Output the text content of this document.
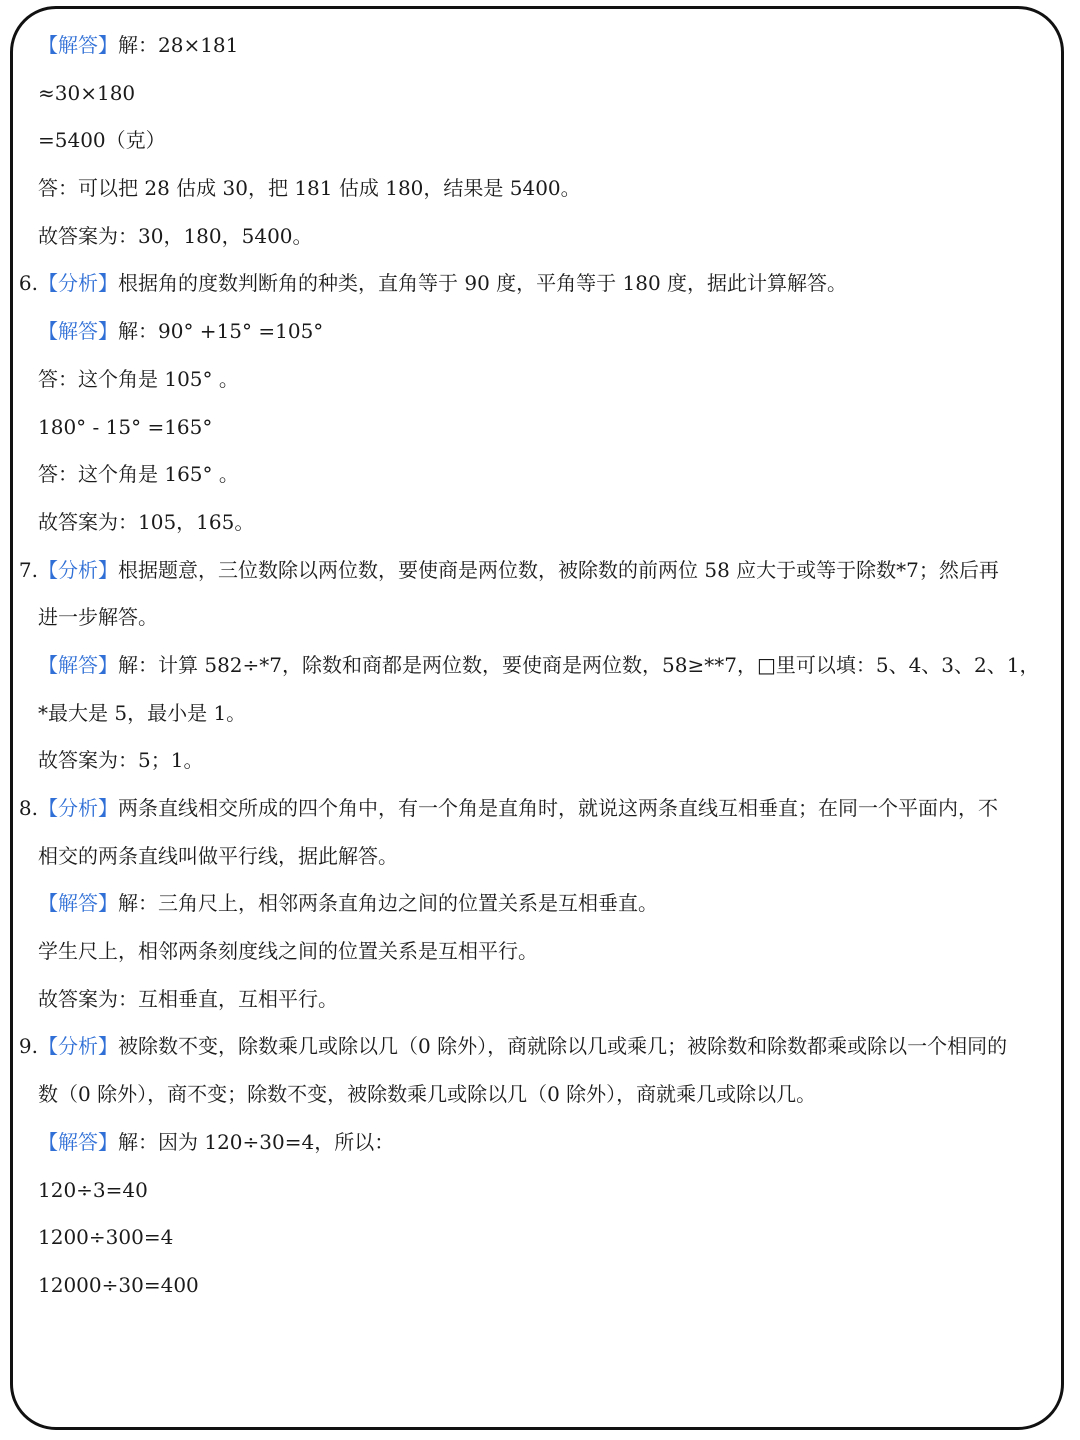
【解答】解：28×181
≈30×180
=5400（克）
答：可以把 28 估成 30，把 181 估成 180，结果是 5400。
故答案为：30，180，5400。
6. 【分析】根据角的度数判断角的种类，直角等于 90 度，平角等于 180 度，据此计算解答。
【解答】解：90° +15° =105°
答：这个角是 105° 。
180° - 15° =165°
答：这个角是 165° 。
故答案为：105，165。
7. 【分析】根据题意，三位数除以两位数，要使商是两位数，被除数的前两位 58 应大于或等于除数*7；然后再
进一步解答。
【解答】解：计算 582÷*7，除数和商都是两位数，要使商是两位数，58≥**7，□里可以填：5、4、3、2、1，
*最大是 5，最小是 1。
故答案为：5；1。
8. 【分析】两条直线相交所成的四个角中，有一个角是直角时，就说这两条直线互相垂直；在同一个平面内，不
相交的两条直线叫做平行线，据此解答。
【解答】解：三角尺上，相邻两条直角边之间的位置关系是互相垂直。
学生尺上，相邻两条刻度线之间的位置关系是互相平行。
故答案为：互相垂直，互相平行。
9. 【分析】被除数不变，除数乘几或除以几（0 除外），商就除以几或乘几；被除数和除数都乘或除以一个相同的
数（0 除外），商不变；除数不变，被除数乘几或除以几（0 除外），商就乘几或除以几。
【解答】解：因为 120÷30=4，所以：
120÷3=40
1200÷300=4
12000÷30=400
